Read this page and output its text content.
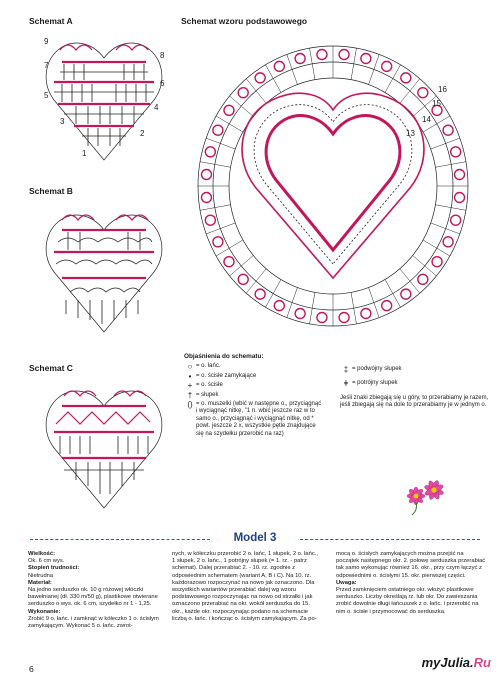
Schemat A
9
8
7
6
5
4
3
2
1
Schemat B
Schemat C
Schemat wzoru podstawowego
16
15
14
13
Objaśnienia do schematu:
○ = o. łańc.
• = o. ścisłe zamykające
+ = o. ścisłe
† = słupek
() = o. muszelki (wbić w następne o., przyciągnąć i wyciągnąć nitkę, "1 n. wbić jeszcze raz w to samo o., przyciągnąć i wyciągnąć nitkę, od * powt. jeszcze 2 x, wszystkie pętle znajdujące się na szydełku przerobić na raz)
‡ = podwójny słupek
ǂ = potrójny słupek
Jeśli znaki zbiegają się u góry, to przerabiamy je razem, jeśli zbiegają się na dole to przerabiamy je w jednym o.
Model 3
Wielkość:
Ok. 6 cm wys.
Stopień trudności:
Nietrudna
Materiał:
Na jedno serduszko ok. 10 g różowej włóczki bawełnianej (dł. 330 m/50 g), plastikowe otwierane serduszko o wys. ok. 6 cm, szydełko nr 1 - 1,25.
Wykonanie:
Zrobić 9 o. łańc. i zamknąć w kółeczko 1 o. ścisłym zamykającym. Wykonać 5 o. łańc. zwrot-
nych, w kółeczku przerobić 2 o. łańc, 1 słupek, 2 o. łańc., 1 słupek, 2 o. łańc., 1 potrójny słupek (= 1. rz. - patrz schemat). Dalej przerabiać 2. - 10. rz. zgodnie z odpowiednim schematem (wariant A, B i C). Na 10. rz. każdorazowo rozpoczynać na nowo jak oznaczono. Dla wszystkich wariantów przerabiać dalej wg wzoru podstawowego rozpoczynając na nowo od strzałki i jak oznaczono przerabiać na okr. wokół serduszka do 15. okr., każde okr. rozpoczynając podano na schemacie liczbą o. łańc. i kończąc o. ścisłym zamykającym. Za po-
mocą o. ścisłych zamykających można przejść na początek następnego okr. 2. połowę serduszka przerabiać tak samo wykonując również 16. okr., przy czym łączyć z odpowiednimi o. ścisłymi 15. okr. pierwszej części.
Uwaga:
Przed zamknięciem ostatniego okr. włożyć plastikowe serduszko. Liczby określają rz. lub okr. Do zawieszania zrobić dowolnie długi łańcuszek z o. łańc. i przerobić na nim o. ścisłe i przymocować do serduszka.
6	myJulia.Ru
